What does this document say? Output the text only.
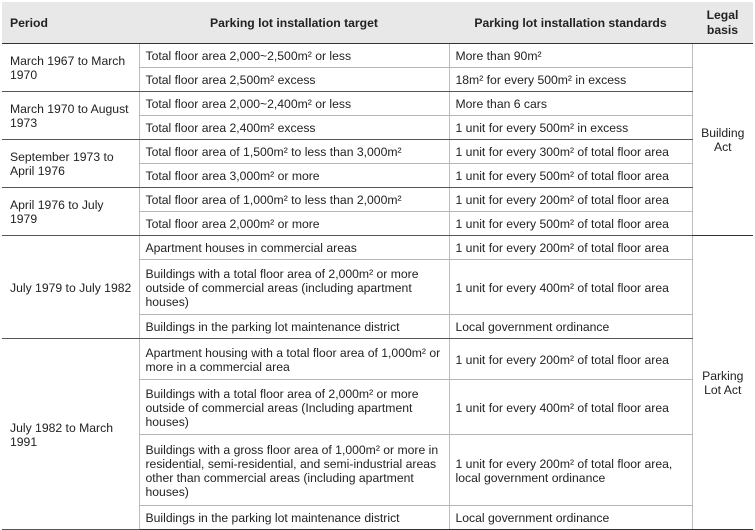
Period	Parking lot installation target	Parking lot installation standards	Legal basis
March 1967 to March 1970	Total floor area 2,000~2,500m² or less	More than 90m²	Building Act
	Total floor area 2,500m² excess	18m² for every 500m² in excess	
March 1970 to August 1973	Total floor area 2,000~2,400m² or less	More than 6 cars	
	Total floor area 2,400m² excess	1 unit for every 500m² in excess	
September 1973 to April 1976	Total floor area of 1,500m² to less than 3,000m²	1 unit for every 300m² of total floor area	
	Total floor area 3,000m² or more	1 unit for every 500m² of total floor area	
April 1976 to July 1979	Total floor area of 1,000m² to less than 2,000m²	1 unit for every 200m² of total floor area	
	Total floor area 2,000m² or more	1 unit for every 500m² of total floor area	
July 1979 to July 1982	Apartment houses in commercial areas	1 unit for every 200m² of total floor area	Parking Lot Act
	Buildings with a total floor area of 2,000m² or more outside of commercial areas (including apartment houses)	1 unit for every 400m² of total floor area	
	Buildings in the parking lot maintenance district	Local government ordinance	
July 1982 to March 1991	Apartment housing with a total floor area of 1,000m² or more in a commercial area	1 unit for every 200m² of total floor area	
	Buildings with a total floor area of 2,000m² or more outside of commercial areas (Including apartment houses)	1 unit for every 400m² of total floor area	
	Buildings with a gross floor area of 1,000m² or more in residential, semi-residential, and semi-industrial areas other than commercial areas (including apartment houses)	1 unit for every 200m² of total floor area, local government ordinance	
	Buildings in the parking lot maintenance district	Local government ordinance	
